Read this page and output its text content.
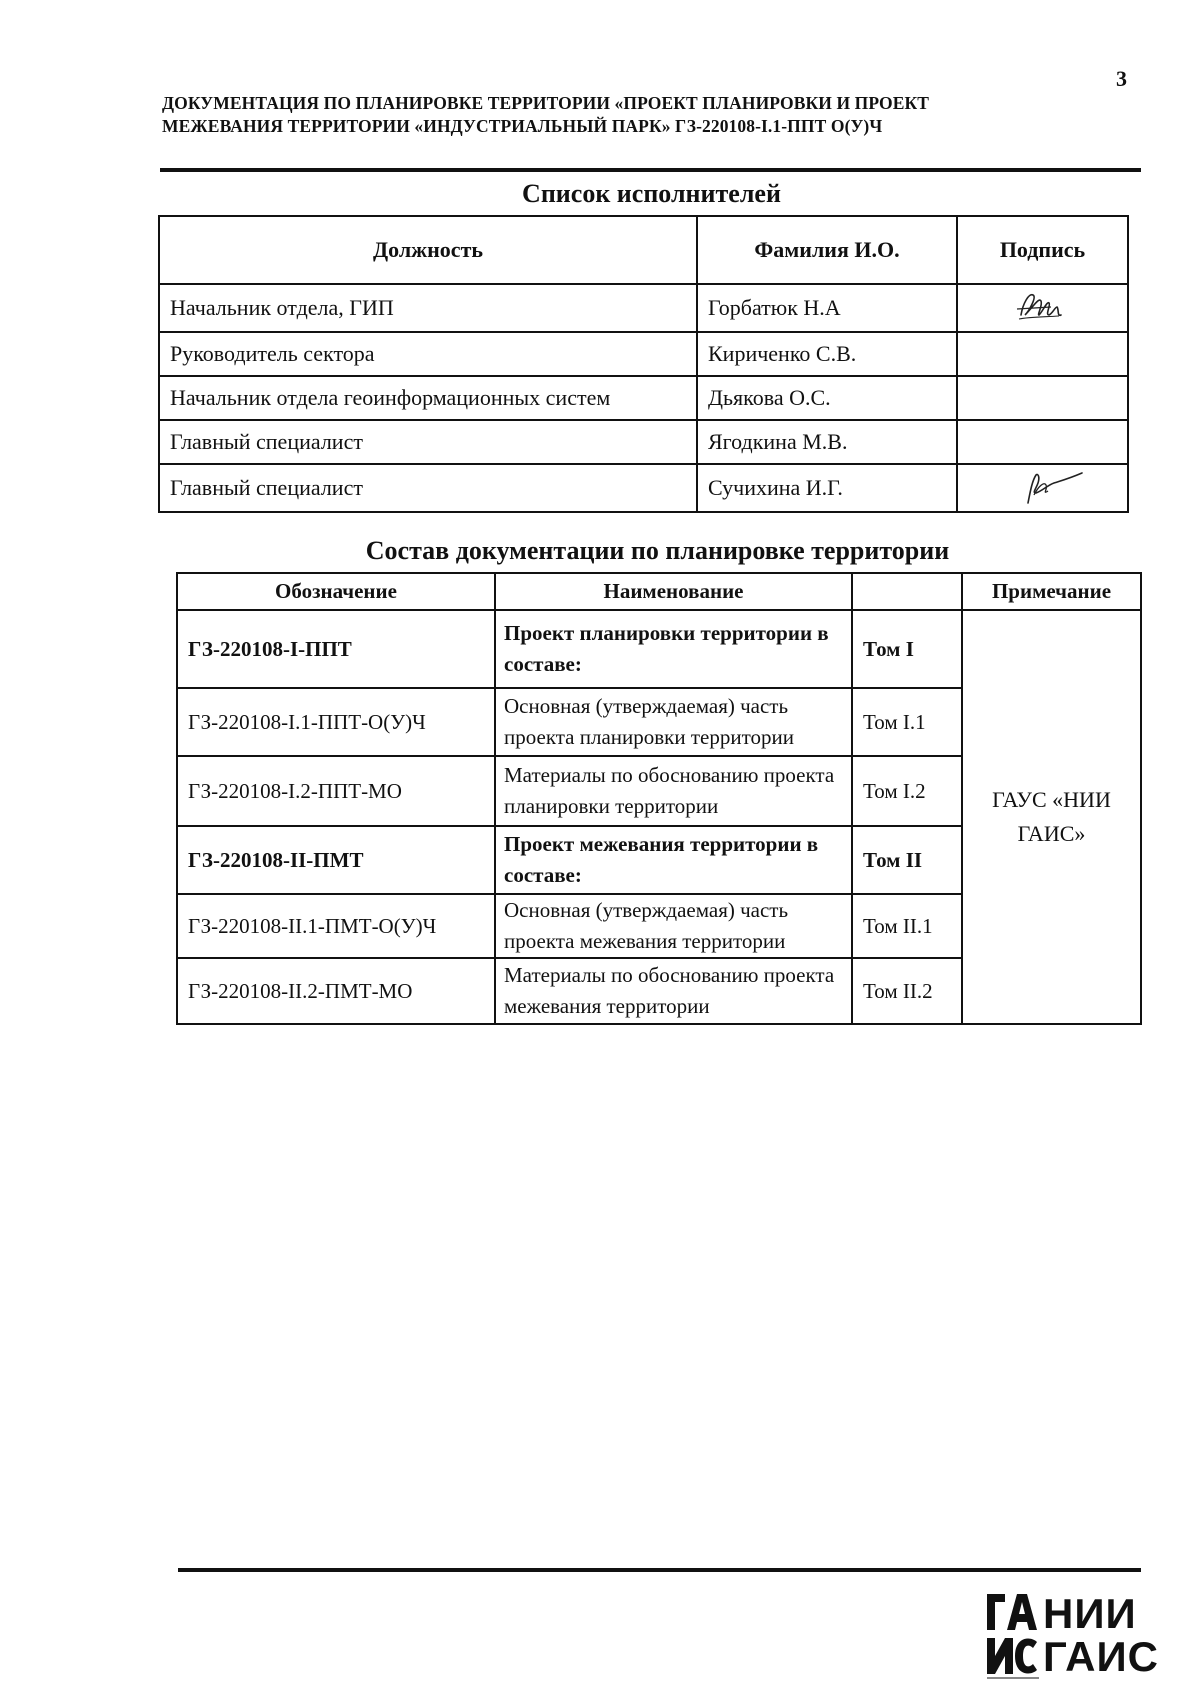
3
ДОКУМЕНТАЦИЯ ПО ПЛАНИРОВКЕ ТЕРРИТОРИИ «ПРОЕКТ ПЛАНИРОВКИ И ПРОЕКТ
МЕЖЕВАНИЯ ТЕРРИТОРИИ «ИНДУСТРИАЛЬНЫЙ ПАРК» ГЗ-220108-I.1-ППТ О(У)Ч
Список исполнителей
Должность	Фамилия И.О.	Подпись
Начальник отдела, ГИП	Горбатюк Н.А	
Руководитель сектора	Кириченко С.В.	
Начальник отдела геоинформационных систем	Дьякова О.С.	
Главный специалист	Ягодкина М.В.	
Главный специалист	Сучихина И.Г.	
Состав документации по планировке территории
Обозначение	Наименование		Примечание
ГЗ-220108-I-ППТ	Проект планировки территории в составе:	Том I	ГАУС «НИИ ГАИС»
ГЗ-220108-I.1-ППТ-О(У)Ч	Основная (утверждаемая) часть проекта планировки территории	Том I.1	
ГЗ-220108-I.2-ППТ-МО	Материалы по обоснованию проекта планировки территории	Том I.2	
ГЗ-220108-II-ПМТ	Проект межевания территории в составе:	Том II	
ГЗ-220108-II.1-ПМТ-О(У)Ч	Основная (утверждаемая) часть проекта межевания территории	Том II.1	
ГЗ-220108-II.2-ПМТ-МО	Материалы по обоснованию проекта межевания территории	Том II.2	
НИИ
ГАИС
